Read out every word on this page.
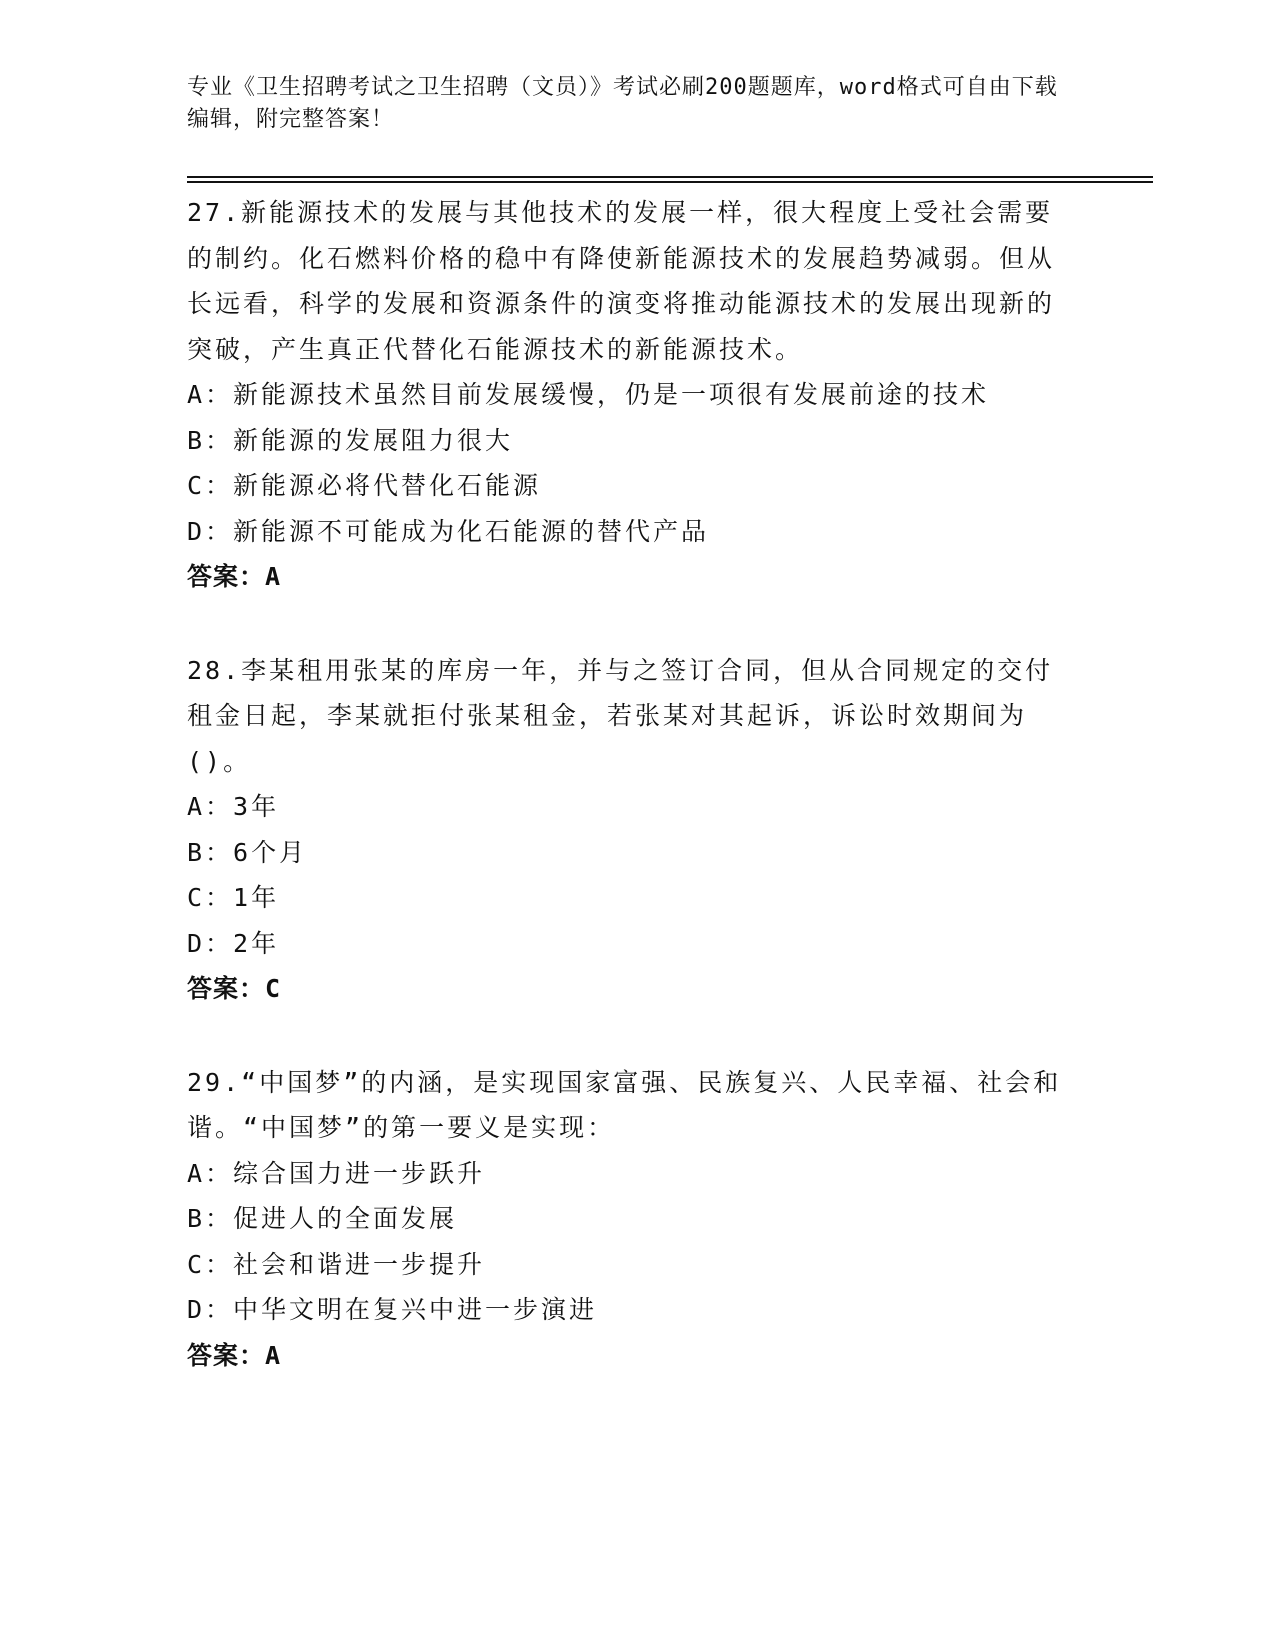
专业《卫生招聘考试之卫生招聘（文员）》考试必刷200题题库，word格式可自由下载编辑，附完整答案！

27.新能源技术的发展与其他技术的发展一样，很大程度上受社会需要的制约。化石燃料价格的稳中有降使新能源技术的发展趋势减弱。但从长远看，科学的发展和资源条件的演变将推动能源技术的发展出现新的突破，产生真正代替化石能源技术的新能源技术。

A：新能源技术虽然目前发展缓慢，仍是一项很有发展前途的技术

B：新能源的发展阻力很大

C：新能源必将代替化石能源

D：新能源不可能成为化石能源的替代产品

答案：A

28.李某租用张某的库房一年，并与之签订合同，但从合同规定的交付租金日起，李某就拒付张某租金，若张某对其起诉，诉讼时效期间为()。

A：3年

B：6个月

C：1年

D：2年

答案：C

29.“中国梦”的内涵，是实现国家富强、民族复兴、人民幸福、社会和谐。“中国梦”的第一要义是实现：

A：综合国力进一步跃升

B：促进人的全面发展

C：社会和谐进一步提升

D：中华文明在复兴中进一步演进

答案：A
